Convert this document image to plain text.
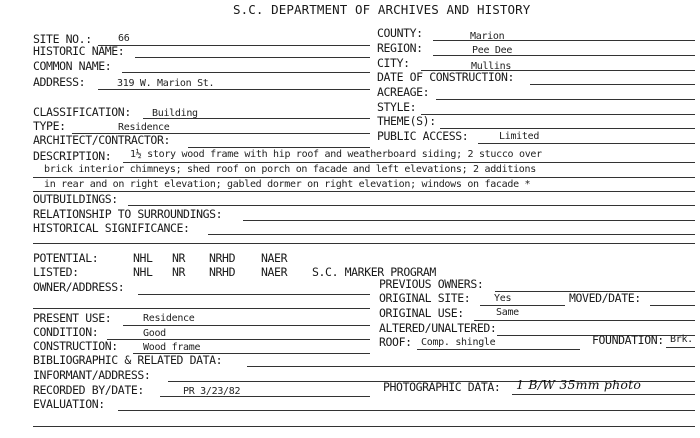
S.C. DEPARTMENT OF ARCHIVES AND HISTORY
SITE NO.:	66
HISTORIC NAME:
COMMON NAME:
ADDRESS:	319 W. Marion St.
COUNTY:	Marion
REGION:	Pee Dee
CITY:	Mullins
DATE OF CONSTRUCTION:
ACREAGE:
CLASSIFICATION: Building
TYPE:	Residence
ARCHITECT/CONTRACTOR:
STYLE:
THEME(S):
PUBLIC ACCESS:	Limited
DESCRIPTION: 1½ story wood frame with hip roof and weatherboard siding; 2 stucco over
brick interior chimneys; shed roof on porch on facade and left elevations; 2 additions
in rear and on right elevation; gabled dormer on right elevation; windows on facade *
OUTBUILDINGS:
RELATIONSHIP TO SURROUNDINGS:
HISTORICAL SIGNIFICANCE:
POTENTIAL:	NHL NR NRHD NAER
LISTED:	NHL NR NRHD NAER S.C. MARKER PROGRAM
OWNER/ADDRESS:	PREVIOUS OWNERS:
ORIGINAL SITE: Yes	MOVED/DATE:
PRESENT USE:	Residence
CONDITION:	Good
CONSTRUCTION:	Wood frame
ORIGINAL USE:	Same
ALTERED/UNALTERED:
ROOF: Comp. shingle	FOUNDATION: Brk.
BIBLIOGRAPHIC & RELATED DATA:
INFORMANT/ADDRESS:
RECORDED BY/DATE:	PR 3/23/82	PHOTOGRAPHIC DATA: 1 B/W 35mm photo
EVALUATION:
